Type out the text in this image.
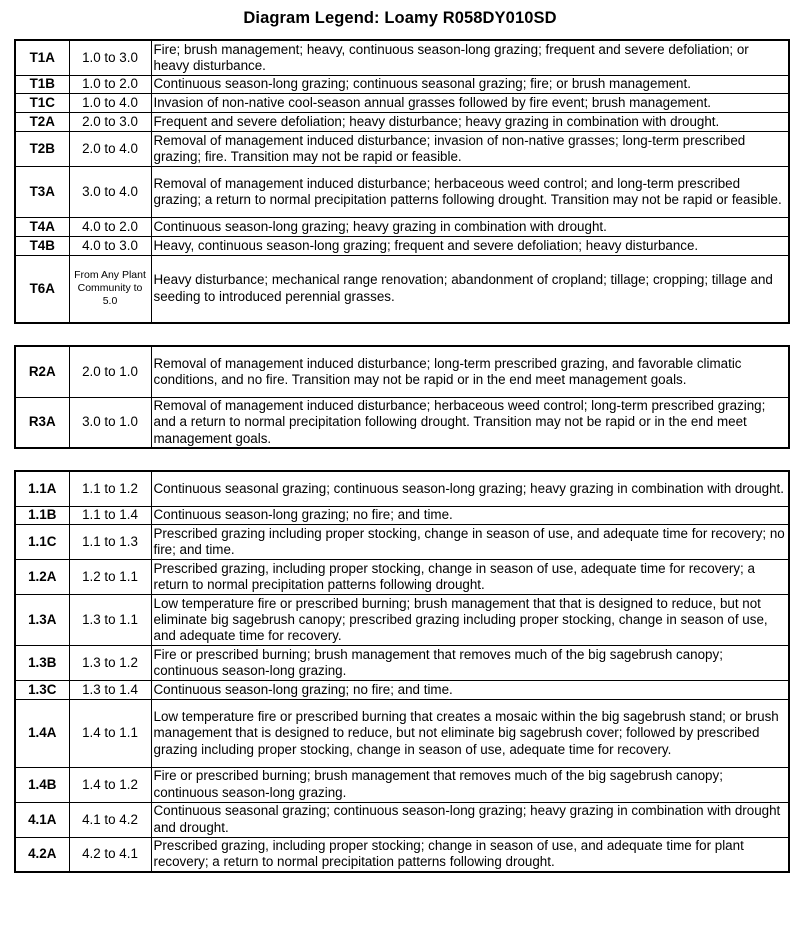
Diagram Legend: Loamy R058DY010SD
T1A	1.0 to 3.0	Fire; brush management; heavy, continuous season-long grazing; frequent and severe defoliation; or heavy disturbance.
T1B	1.0 to 2.0	Continuous season-long grazing; continuous seasonal grazing; fire; or brush management.
T1C	1.0 to 4.0	Invasion of non-native cool-season annual grasses followed by fire event; brush management.
T2A	2.0 to 3.0	Frequent and severe defoliation; heavy disturbance; heavy grazing in combination with drought.
T2B	2.0 to 4.0	Removal of management induced disturbance; invasion of non-native grasses; long-term prescribed grazing; fire. Transition may not be rapid or feasible.
T3A	3.0 to 4.0	Removal of management induced disturbance; herbaceous weed control; and long-term prescribed grazing; a return to normal precipitation patterns following drought. Transition may not be rapid or feasible.
T4A	4.0 to 2.0	Continuous season-long grazing; heavy grazing in combination with drought.
T4B	4.0 to 3.0	Heavy, continuous season-long grazing; frequent and severe defoliation; heavy disturbance.
T6A	From Any Plant Community to 5.0	Heavy disturbance; mechanical range renovation; abandonment of cropland; tillage; cropping; tillage and seeding to introduced perennial grasses.
R2A	2.0 to 1.0	Removal of management induced disturbance; long-term prescribed grazing, and favorable climatic conditions, and no fire. Transition may not be rapid or in the end meet management goals.
R3A	3.0 to 1.0	Removal of management induced disturbance; herbaceous weed control; long-term prescribed grazing; and a return to normal precipitation following drought. Transition may not be rapid or in the end meet management goals.
1.1A	1.1 to 1.2	Continuous seasonal grazing; continuous season-long grazing; heavy grazing in combination with drought.
1.1B	1.1 to 1.4	Continuous season-long grazing; no fire; and time.
1.1C	1.1 to 1.3	Prescribed grazing including proper stocking, change in season of use, and adequate time for recovery; no fire; and time.
1.2A	1.2 to 1.1	Prescribed grazing, including proper stocking, change in season of use, adequate time for recovery; a return to normal precipitation patterns following drought.
1.3A	1.3 to 1.1	Low temperature fire or prescribed burning; brush management that that is designed to reduce, but not eliminate big sagebrush canopy; prescribed grazing including proper stocking, change in season of use, and adequate time for recovery.
1.3B	1.3 to 1.2	Fire or prescribed burning; brush management that removes much of the big sagebrush canopy; continuous season-long grazing.
1.3C	1.3 to 1.4	Continuous season-long grazing; no fire; and time.
1.4A	1.4 to 1.1	Low temperature fire or prescribed burning that creates a mosaic within the big sagebrush stand; or brush management that is designed to reduce, but not eliminate big sagebrush cover; followed by prescribed grazing including proper stocking, change in season of use, adequate time for recovery.
1.4B	1.4 to 1.2	Fire or prescribed burning; brush management that removes much of the big sagebrush canopy; continuous season-long grazing.
4.1A	4.1 to 4.2	Continuous seasonal grazing; continuous season-long grazing; heavy grazing in combination with drought and drought.
4.2A	4.2 to 4.1	Prescribed grazing, including proper stocking; change in season of use, and adequate time for plant recovery; a return to normal precipitation patterns following drought.
